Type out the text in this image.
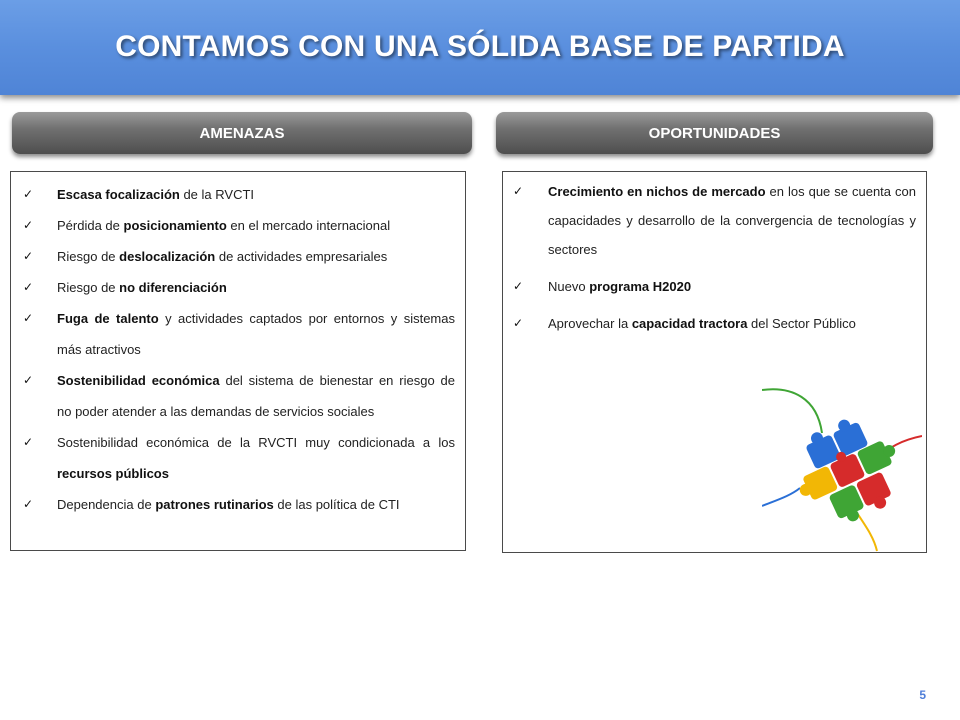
CONTAMOS CON UNA SÓLIDA BASE DE PARTIDA
AMENAZAS	OPORTUNIDADES
✓ Escasa focalización de la RVCTI
✓ Pérdida de posicionamiento en el mercado internacional
✓ Riesgo de deslocalización de actividades empresariales
✓ Riesgo de no diferenciación
✓ Fuga de talento y actividades captados por entornos y sistemas más atractivos
✓ Sostenibilidad económica del sistema de bienestar en riesgo de no poder atender a las demandas de servicios sociales
✓ Sostenibilidad económica de la RVCTI muy condicionada a los recursos públicos
✓ Dependencia de patrones rutinarios de las política de CTI
✓ Crecimiento en nichos de mercado en los que se cuenta con capacidades y desarrollo de la convergencia de tecnologías y sectores
✓ Nuevo programa H2020
✓ Aprovechar la capacidad tractora del Sector Público
5
